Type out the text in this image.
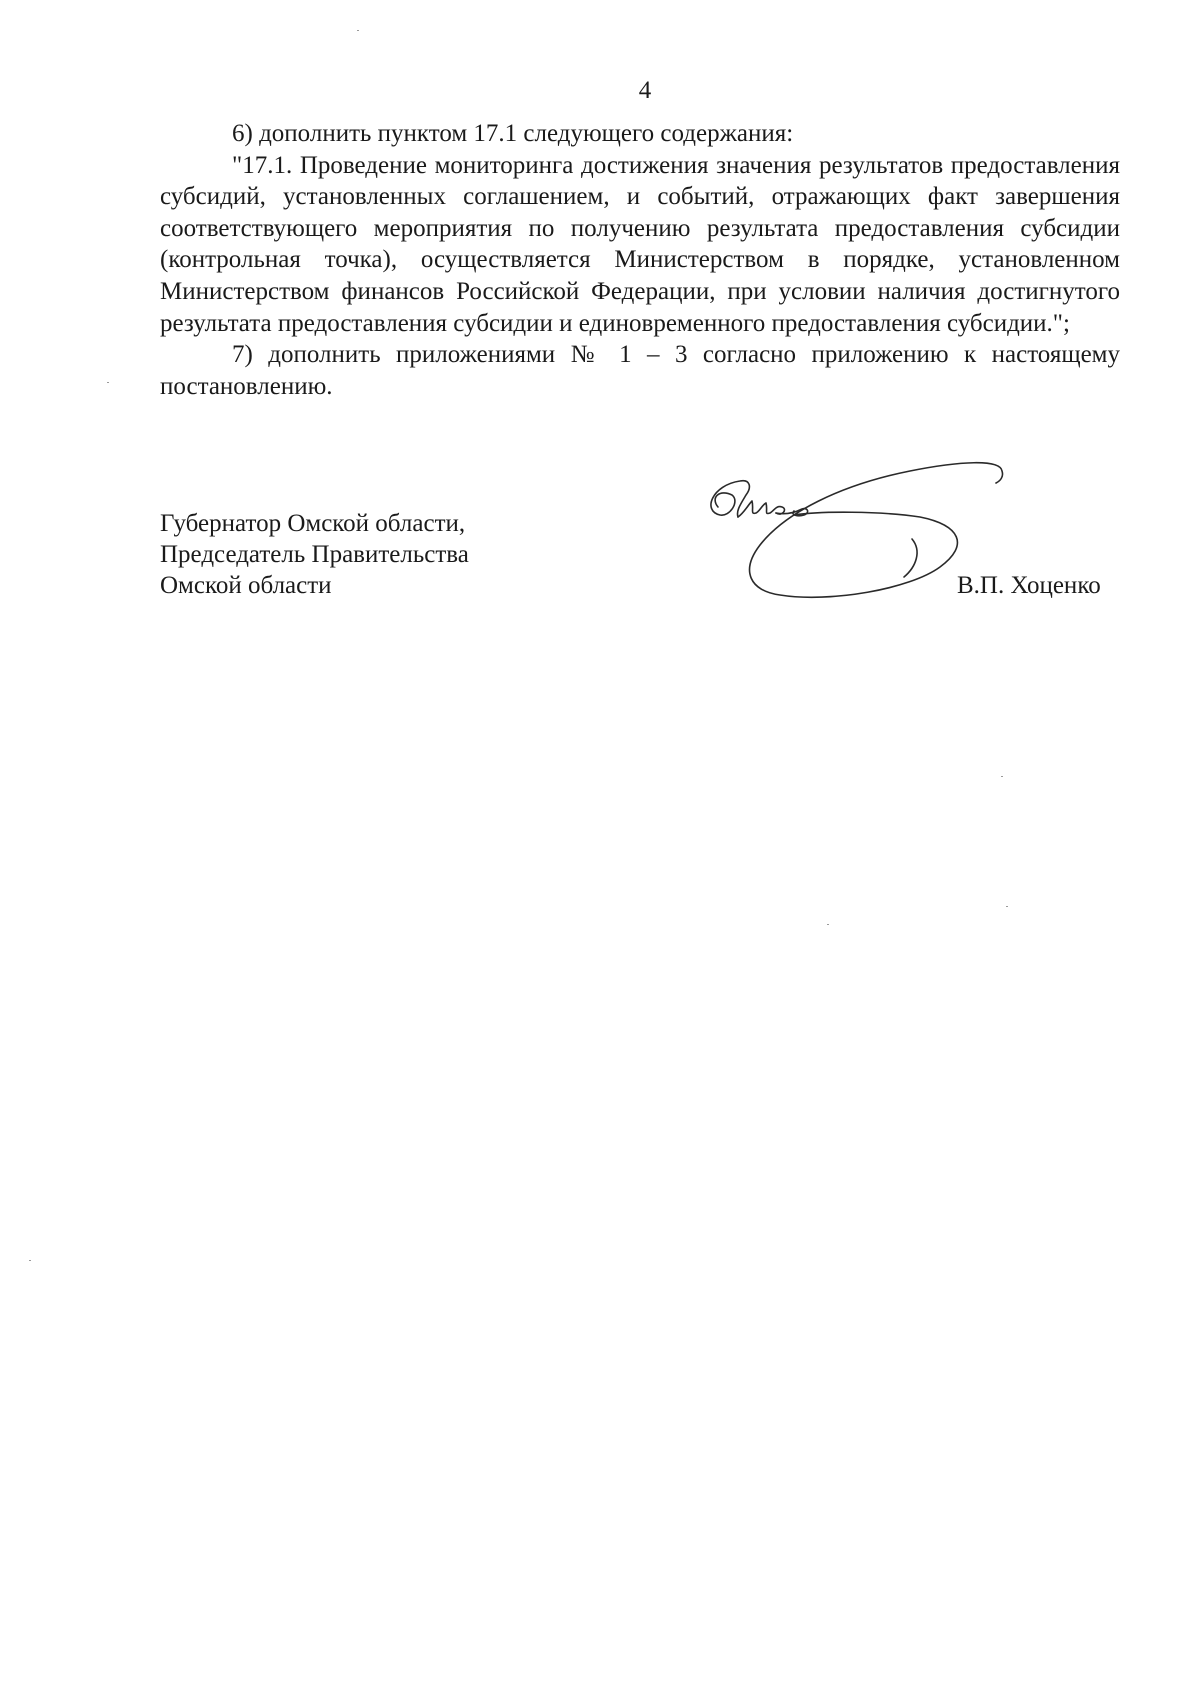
4

6) дополнить пунктом 17.1 следующего содержания:

"17.1. Проведение мониторинга достижения значения результатов предоставления субсидий, установленных соглашением, и событий, отражающих факт завершения соответствующего мероприятия по получению результата предоставления субсидии (контрольная точка), осуществляется Министерством в порядке, установленном Министерством финансов Российской Федерации, при условии наличия достигнутого результата предоставления субсидии и единовременного предоставления субсидии.";

7) дополнить приложениями № 1 – 3 согласно приложению к настоящему постановлению.

Губернатор Омской области,
Председатель Правительства
Омской области	В.П. Хоценко
